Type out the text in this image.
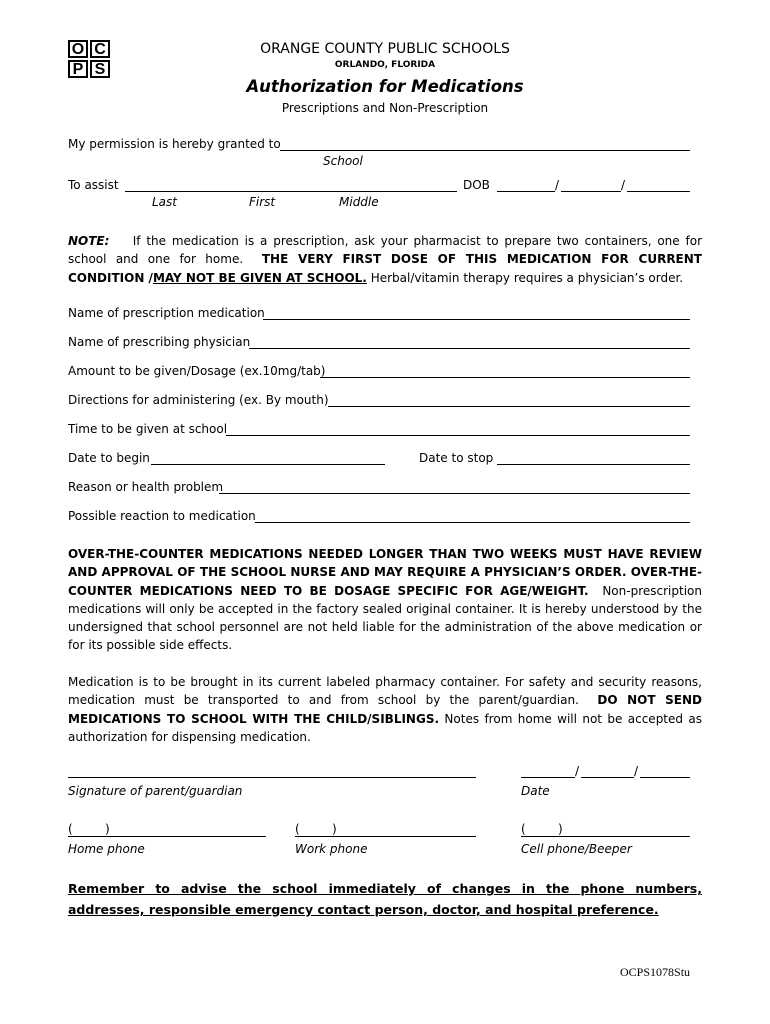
O C
P S
ORANGE COUNTY PUBLIC SCHOOLS
ORLANDO, FLORIDA
Authorization for Medications
Prescriptions and Non-Prescription
My permission is hereby granted to
School
To assist	DOB	/	/
Last	First	Middle
NOTE: If the medication is a prescription, ask your pharmacist to prepare two containers, one for school and one for home. THE VERY FIRST DOSE OF THIS MEDICATION FOR CURRENT CONDITION /MAY NOT BE GIVEN AT SCHOOL. Herbal/vitamin therapy requires a physician’s order.
Name of prescription medication
Name of prescribing physician
Amount to be given/Dosage (ex.10mg/tab)
Directions for administering (ex. By mouth)
Time to be given at school
Date to begin	Date to stop
Reason or health problem
Possible reaction to medication
OVER-THE-COUNTER MEDICATIONS NEEDED LONGER THAN TWO WEEKS MUST HAVE REVIEW AND APPROVAL OF THE SCHOOL NURSE AND MAY REQUIRE A PHYSICIAN’S ORDER. OVER-THE-COUNTER MEDICATIONS NEED TO BE DOSAGE SPECIFIC FOR AGE/WEIGHT. Non-prescription medications will only be accepted in the factory sealed original container. It is hereby understood by the undersigned that school personnel are not held liable for the administration of the above medication or for its possible side effects.
Medication is to be brought in its current labeled pharmacy container. For safety and security reasons, medication must be transported to and from school by the parent/guardian. DO NOT SEND MEDICATIONS TO SCHOOL WITH THE CHILD/SIBLINGS. Notes from home will not be accepted as authorization for dispensing medication.
/	/
Signature of parent/guardian	Date
(	)	(	)	(	)
Home phone	Work phone	Cell phone/Beeper
Remember to advise the school immediately of changes in the phone numbers, addresses, responsible emergency contact person, doctor, and hospital preference.
OCPS1078Stu
